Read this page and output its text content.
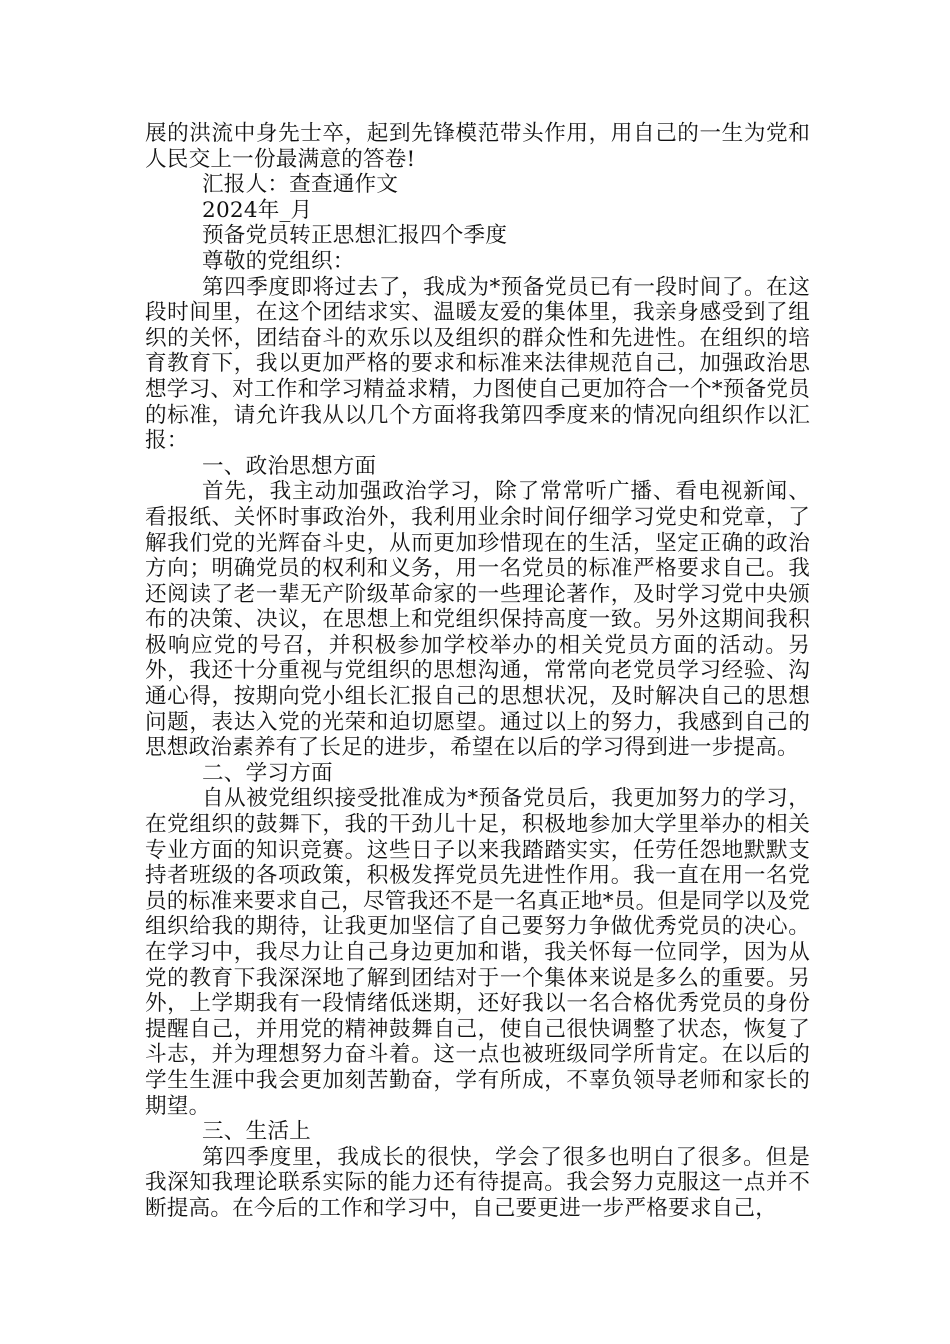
展的洪流中身先士卒，起到先锋模范带头作用，用自己的一生为党和人民交上一份最满意的答卷!

汇报人：查查通作文

2024年_月

预备党员转正思想汇报四个季度

尊敬的党组织：

第四季度即将过去了，我成为*预备党员已有一段时间了。在这段时间里，在这个团结求实、温暖友爱的集体里，我亲身感受到了组织的关怀，团结奋斗的欢乐以及组织的群众性和先进性。在组织的培育教育下，我以更加严格的要求和标准来法律规范自己，加强政治思想学习、对工作和学习精益求精，力图使自己更加符合一个*预备党员的标准，请允许我从以几个方面将我第四季度来的情况向组织作以汇报：

一、政治思想方面

首先，我主动加强政治学习，除了常常听广播、看电视新闻、看报纸、关怀时事政治外，我利用业余时间仔细学习党史和党章，了解我们党的光辉奋斗史，从而更加珍惜现在的生活，坚定正确的政治方向；明确党员的权利和义务，用一名党员的标准严格要求自己。我还阅读了老一辈无产阶级革命家的一些理论著作，及时学习党中央颁布的决策、决议，在思想上和党组织保持高度一致。另外这期间我积极响应党的号召，并积极参加学校举办的相关党员方面的活动。另外，我还十分重视与党组织的思想沟通，常常向老党员学习经验、沟通心得，按期向党小组长汇报自己的思想状况，及时解决自己的思想问题，表达入党的光荣和迫切愿望。通过以上的努力，我感到自己的思想政治素养有了长足的进步，希望在以后的学习得到进一步提高。

二、学习方面

自从被党组织接受批准成为*预备党员后，我更加努力的学习，在党组织的鼓舞下，我的干劲儿十足，积极地参加大学里举办的相关专业方面的知识竞赛。这些日子以来我踏踏实实，任劳任怨地默默支持者班级的各项政策，积极发挥党员先进性作用。我一直在用一名党员的标准来要求自己，尽管我还不是一名真正地*员。但是同学以及党组织给我的期待，让我更加坚信了自己要努力争做优秀党员的决心。在学习中，我尽力让自己身边更加和谐，我关怀每一位同学，因为从党的教育下我深深地了解到团结对于一个集体来说是多么的重要。另外，上学期我有一段情绪低迷期，还好我以一名合格优秀党员的身份提醒自己，并用党的精神鼓舞自己，使自己很快调整了状态，恢复了斗志，并为理想努力奋斗着。这一点也被班级同学所肯定。在以后的学生生涯中我会更加刻苦勤奋，学有所成，不辜负领导老师和家长的期望。

三、生活上

第四季度里，我成长的很快，学会了很多也明白了很多。但是我深知我理论联系实际的能力还有待提高。我会努力克服这一点并不断提高。在今后的工作和学习中，自己要更进一步严格要求自己，
